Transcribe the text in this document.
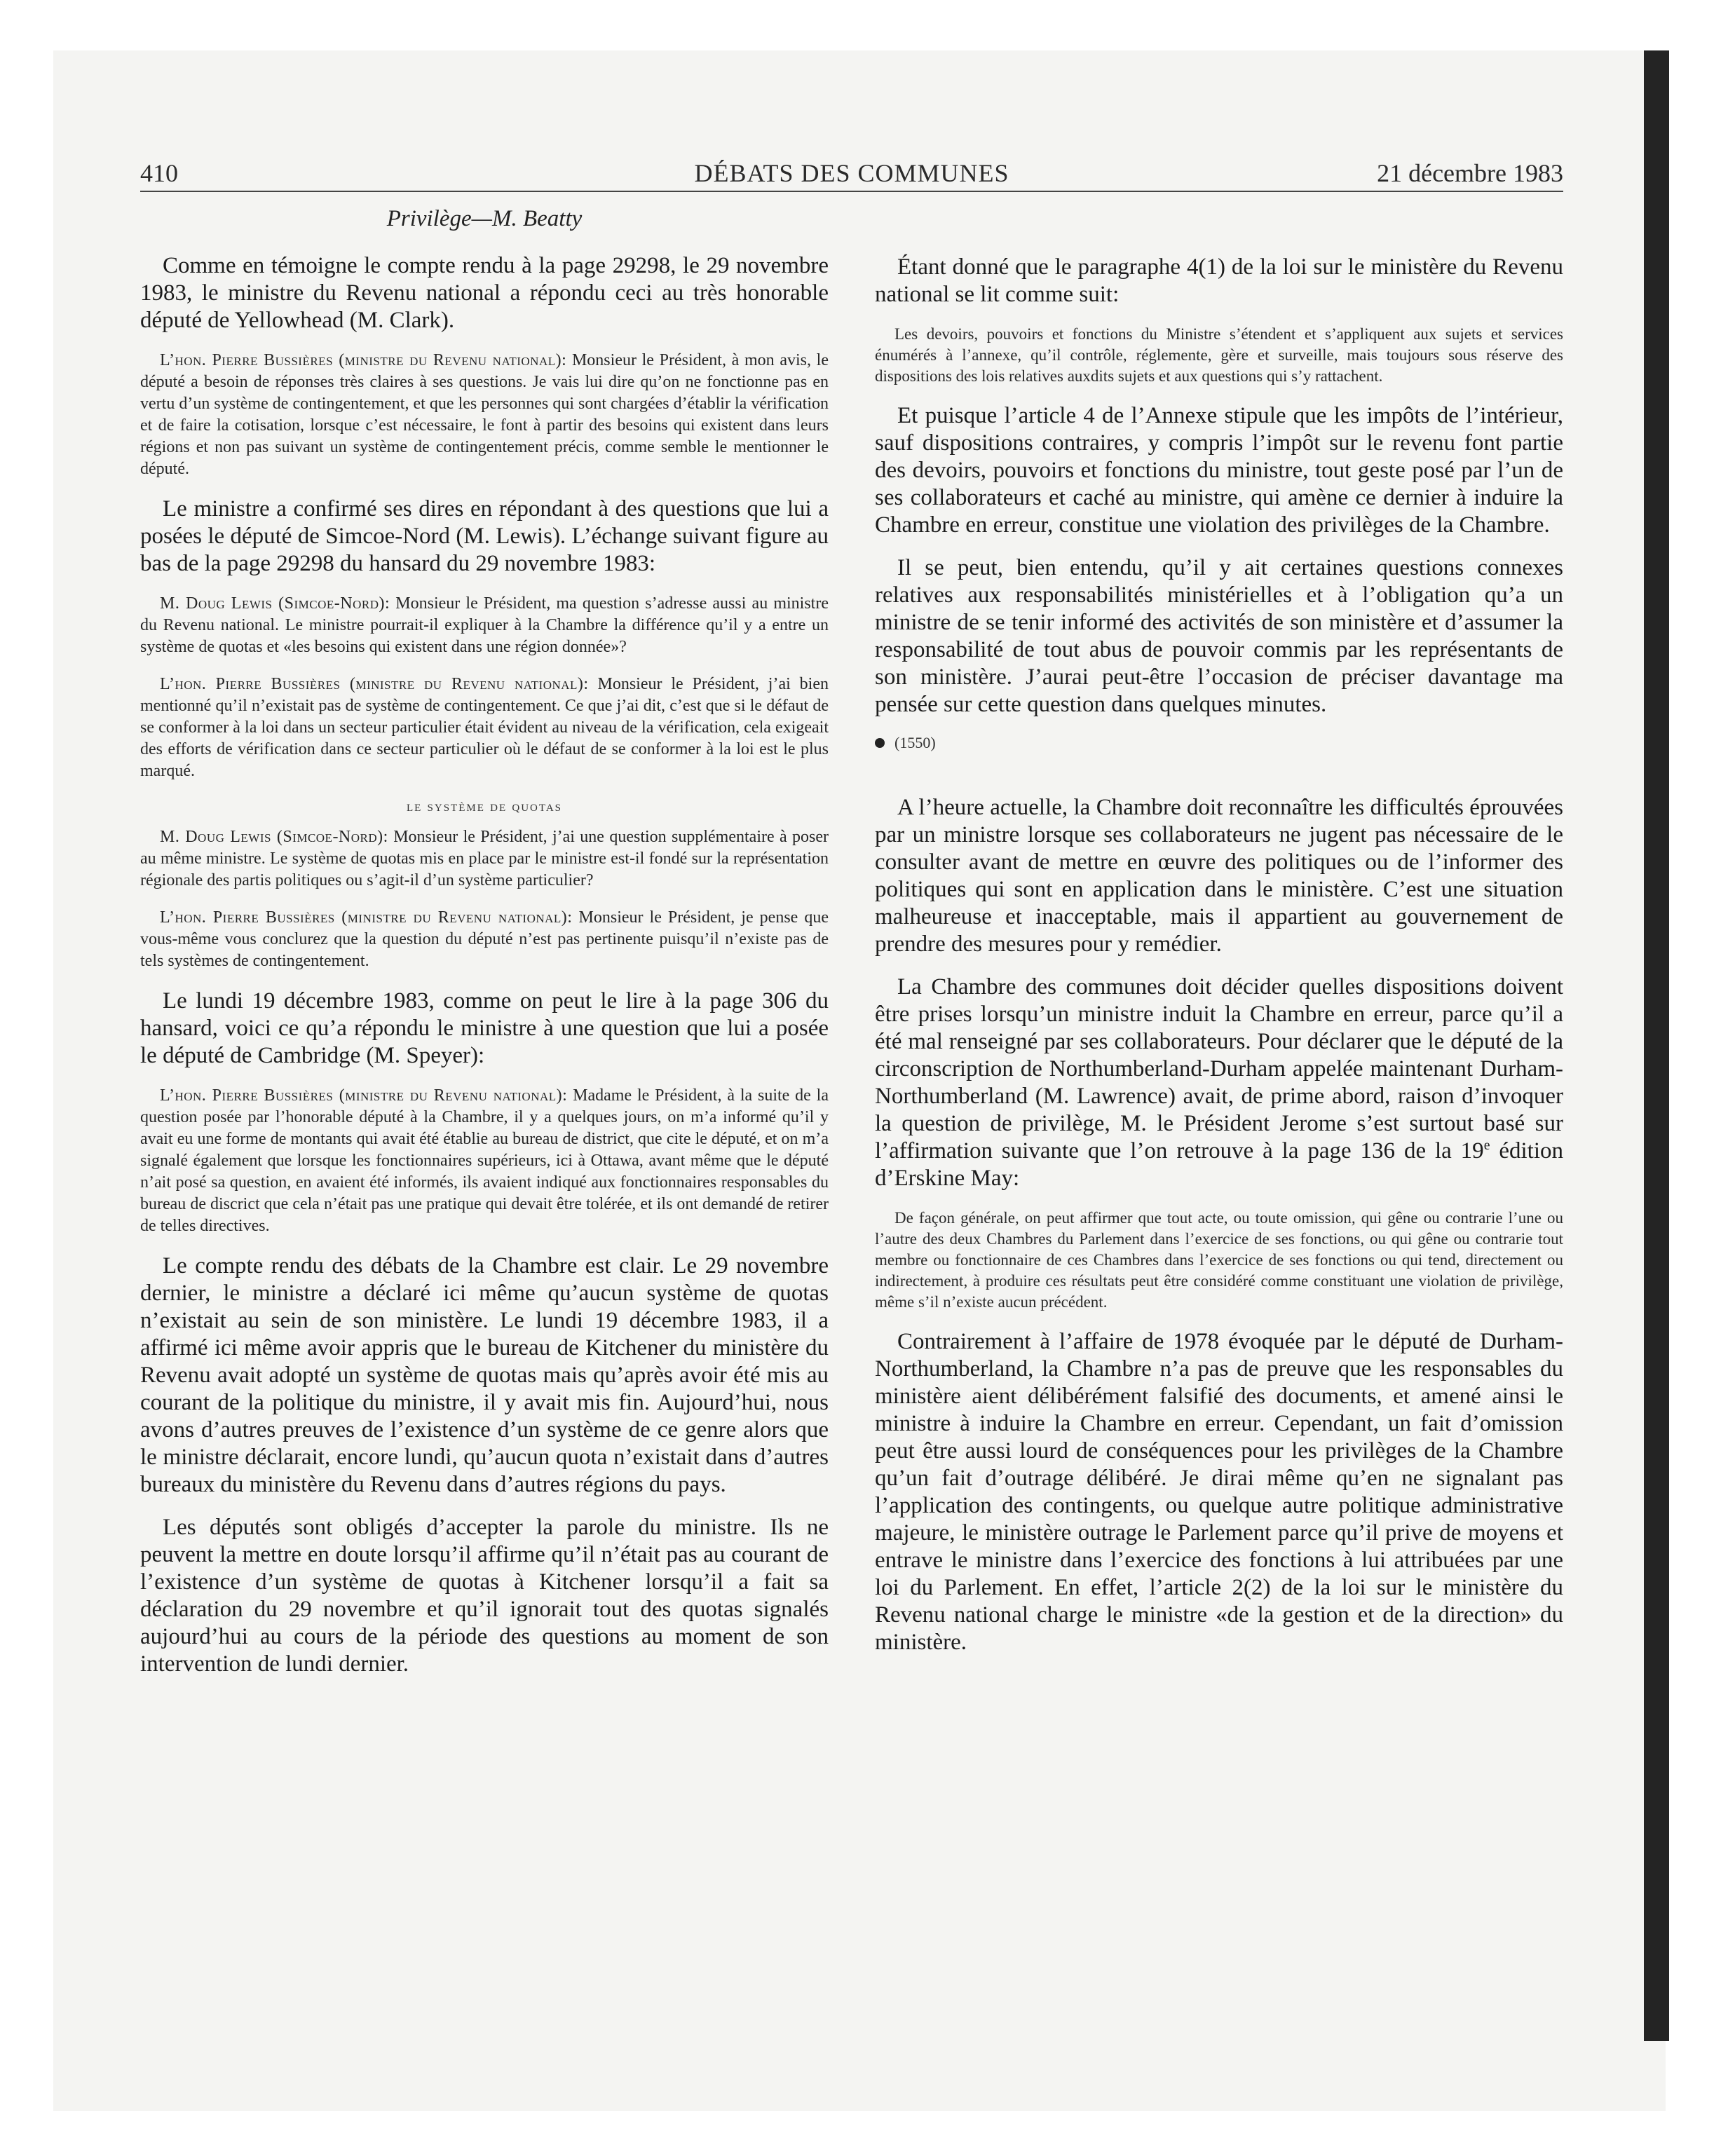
410	DÉBATS DES COMMUNES	21 décembre 1983
Privilège—M. Beatty

Comme en témoigne le compte rendu à la page 29298, le 29 novembre 1983, le ministre du Revenu national a répondu ceci au très honorable député de Yellowhead (M. Clark).

L’hon. Pierre Bussières (ministre du Revenu national): Monsieur le Président, à mon avis, le député a besoin de réponses très claires à ses questions. Je vais lui dire qu’on ne fonctionne pas en vertu d’un système de contingentement, et que les personnes qui sont chargées d’établir la vérification et de faire la cotisation, lorsque c’est nécessaire, le font à partir des besoins qui existent dans leurs régions et non pas suivant un système de contingentement précis, comme semble le mentionner le député.

Le ministre a confirmé ses dires en répondant à des questions que lui a posées le député de Simcoe-Nord (M. Lewis). L’échange suivant figure au bas de la page 29298 du hansard du 29 novembre 1983:

M. Doug Lewis (Simcoe-Nord): Monsieur le Président, ma question s’adresse aussi au ministre du Revenu national. Le ministre pourrait-il expliquer à la Chambre la différence qu’il y a entre un système de quotas et «les besoins qui existent dans une région donnée»?

L’hon. Pierre Bussières (ministre du Revenu national): Monsieur le Président, j’ai bien mentionné qu’il n’existait pas de système de contingentement. Ce que j’ai dit, c’est que si le défaut de se conformer à la loi dans un secteur particulier était évident au niveau de la vérification, cela exigeait des efforts de vérification dans ce secteur particulier où le défaut de se conformer à la loi est le plus marqué.

le système de quotas

M. Doug Lewis (Simcoe-Nord): Monsieur le Président, j’ai une question supplémentaire à poser au même ministre. Le système de quotas mis en place par le ministre est-il fondé sur la représentation régionale des partis politiques ou s’agit-il d’un système particulier?

L’hon. Pierre Bussières (ministre du Revenu national): Monsieur le Président, je pense que vous-même vous conclurez que la question du député n’est pas pertinente puisqu’il n’existe pas de tels systèmes de contingentement.

Le lundi 19 décembre 1983, comme on peut le lire à la page 306 du hansard, voici ce qu’a répondu le ministre à une question que lui a posée le député de Cambridge (M. Speyer):

L’hon. Pierre Bussières (ministre du Revenu national): Madame le Président, à la suite de la question posée par l’honorable député à la Chambre, il y a quelques jours, on m’a informé qu’il y avait eu une forme de montants qui avait été établie au bureau de district, que cite le député, et on m’a signalé également que lorsque les fonctionnaires supérieurs, ici à Ottawa, avant même que le député n’ait posé sa question, en avaient été informés, ils avaient indiqué aux fonctionnaires responsables du bureau de discrict que cela n’était pas une pratique qui devait être tolérée, et ils ont demandé de retirer de telles directives.

Le compte rendu des débats de la Chambre est clair. Le 29 novembre dernier, le ministre a déclaré ici même qu’aucun système de quotas n’existait au sein de son ministère. Le lundi 19 décembre 1983, il a affirmé ici même avoir appris que le bureau de Kitchener du ministère du Revenu avait adopté un système de quotas mais qu’après avoir été mis au courant de la politique du ministre, il y avait mis fin. Aujourd’hui, nous avons d’autres preuves de l’existence d’un système de ce genre alors que le ministre déclarait, encore lundi, qu’aucun quota n’existait dans d’autres bureaux du ministère du Revenu dans d’autres régions du pays.

Les députés sont obligés d’accepter la parole du ministre. Ils ne peuvent la mettre en doute lorsqu’il affirme qu’il n’était pas au courant de l’existence d’un système de quotas à Kitchener lorsqu’il a fait sa déclaration du 29 novembre et qu’il ignorait tout des quotas signalés aujourd’hui au cours de la période des questions au moment de son intervention de lundi dernier.

Étant donné que le paragraphe 4(1) de la loi sur le ministère du Revenu national se lit comme suit:

Les devoirs, pouvoirs et fonctions du Ministre s’étendent et s’appliquent aux sujets et services énumérés à l’annexe, qu’il contrôle, réglemente, gère et surveille, mais toujours sous réserve des dispositions des lois relatives auxdits sujets et aux questions qui s’y rattachent.

Et puisque l’article 4 de l’Annexe stipule que les impôts de l’intérieur, sauf dispositions contraires, y compris l’impôt sur le revenu font partie des devoirs, pouvoirs et fonctions du ministre, tout geste posé par l’un de ses collaborateurs et caché au ministre, qui amène ce dernier à induire la Chambre en erreur, constitue une violation des privilèges de la Chambre.

Il se peut, bien entendu, qu’il y ait certaines questions connexes relatives aux responsabilités ministérielles et à l’obligation qu’a un ministre de se tenir informé des activités de son ministère et d’assumer la responsabilité de tout abus de pouvoir commis par les représentants de son ministère. J’aurai peut-être l’occasion de préciser davantage ma pensée sur cette question dans quelques minutes.

(1550)

A l’heure actuelle, la Chambre doit reconnaître les difficultés éprouvées par un ministre lorsque ses collaborateurs ne jugent pas nécessaire de le consulter avant de mettre en œuvre des politiques ou de l’informer des politiques qui sont en application dans le ministère. C’est une situation malheureuse et inacceptable, mais il appartient au gouvernement de prendre des mesures pour y remédier.

La Chambre des communes doit décider quelles dispositions doivent être prises lorsqu’un ministre induit la Chambre en erreur, parce qu’il a été mal renseigné par ses collaborateurs. Pour déclarer que le député de la circonscription de Northumberland-Durham appelée maintenant Durham-Northumberland (M. Lawrence) avait, de prime abord, raison d’invoquer la question de privilège, M. le Président Jerome s’est surtout basé sur l’affirmation suivante que l’on retrouve à la page 136 de la 19e édition d’Erskine May:

De façon générale, on peut affirmer que tout acte, ou toute omission, qui gêne ou contrarie l’une ou l’autre des deux Chambres du Parlement dans l’exercice de ses fonctions, ou qui gêne ou contrarie tout membre ou fonctionnaire de ces Chambres dans l’exercice de ses fonctions ou qui tend, directement ou indirectement, à produire ces résultats peut être considéré comme constituant une violation de privilège, même s’il n’existe aucun précédent.

Contrairement à l’affaire de 1978 évoquée par le député de Durham-Northumberland, la Chambre n’a pas de preuve que les responsables du ministère aient délibérément falsifié des documents, et amené ainsi le ministre à induire la Chambre en erreur. Cependant, un fait d’omission peut être aussi lourd de conséquences pour les privilèges de la Chambre qu’un fait d’outrage délibéré. Je dirai même qu’en ne signalant pas l’application des contingents, ou quelque autre politique administrative majeure, le ministère outrage le Parlement parce qu’il prive de moyens et entrave le ministre dans l’exercice des fonctions à lui attribuées par une loi du Parlement. En effet, l’article 2(2) de la loi sur le ministère du Revenu national charge le ministre «de la gestion et de la direction» du ministère.
